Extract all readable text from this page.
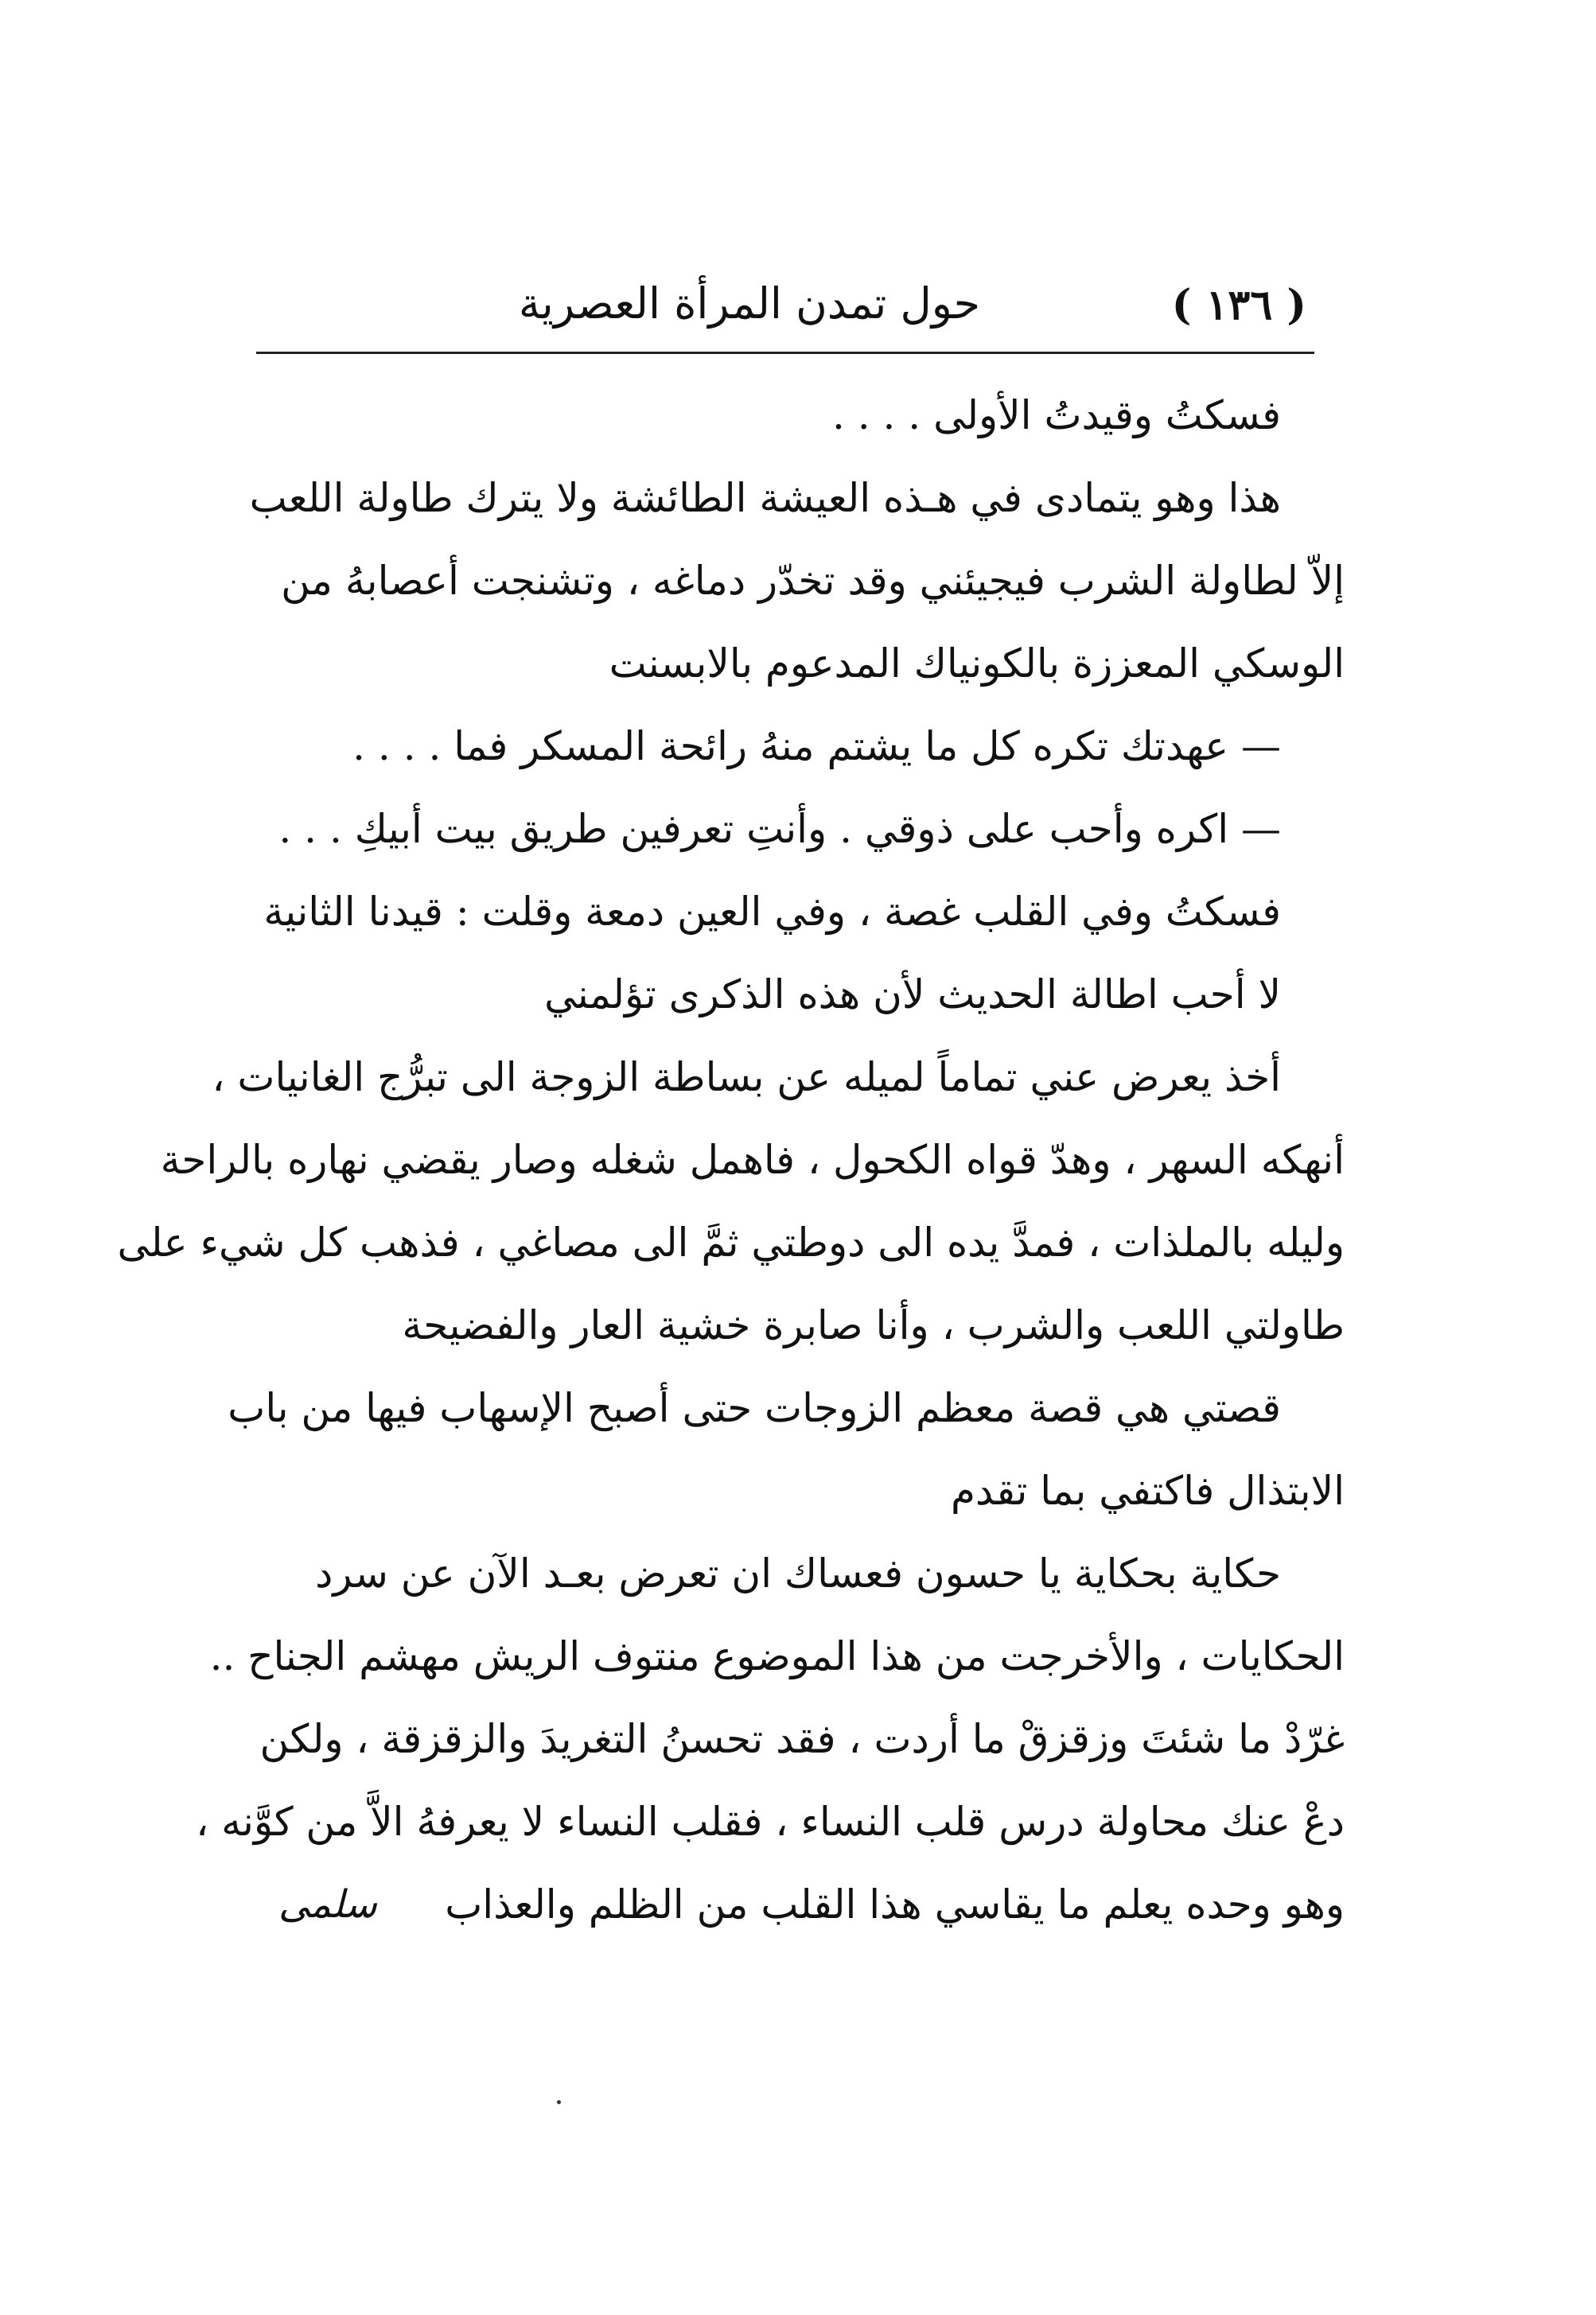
( ١٣٦ )
حول تمدن المرأة العصرية
فسكتُ وقيدتُ الأولى . . . .
هذا وهو يتمادى في هـذه العيشة الطائشة ولا يترك طاولة اللعب
إلاّ لطاولة الشرب فيجيئني وقد تخدّر دماغه ، وتشنجت أعصابهُ من
الوسكي المعززة بالكونياك المدعوم بالابسنت
— عهدتك تكره كل ما يشتم منهُ رائحة المسكر فما . . . .
— اكره وأحب على ذوقي . وأنتِ تعرفين طريق بيت أبيكِ . . .
فسكتُ وفي القلب غصة ، وفي العين دمعة وقلت : قيدنا الثانية
لا أحب اطالة الحديث لأن هذه الذكرى تؤلمني
أخذ يعرض عني تماماً لميله عن بساطة الزوجة الى تبرُّج الغانيات ،
أنهكه السهر ، وهدّ قواه الكحول ، فاهمل شغله وصار يقضي نهاره بالراحة
وليله بالملذات ، فمدَّ يده الى دوطتي ثمَّ الى مصاغي ، فذهب كل شيء على
طاولتي اللعب والشرب ، وأنا صابرة خشية العار والفضيحة
قصتي هي قصة معظم الزوجات حتى أصبح الإسهاب فيها من باب
الابتذال فاكتفي بما تقدم
حكاية بحكاية يا حسون فعساك ان تعرض بعـد الآن عن سرد
الحكايات ، والأخرجت من هذا الموضوع منتوف الريش مهشم الجناح ..
غرّدْ ما شئتَ وزقزقْ ما أردت ، فقد تحسنُ التغريدَ والزقزقة ، ولكن
دعْ عنك محاولة درس قلب النساء ، فقلب النساء لا يعرفهُ الاَّ من كوَّنه ،
وهو وحده يعلم ما يقاسي هذا القلب من الظلم والعذاب
سلمى
